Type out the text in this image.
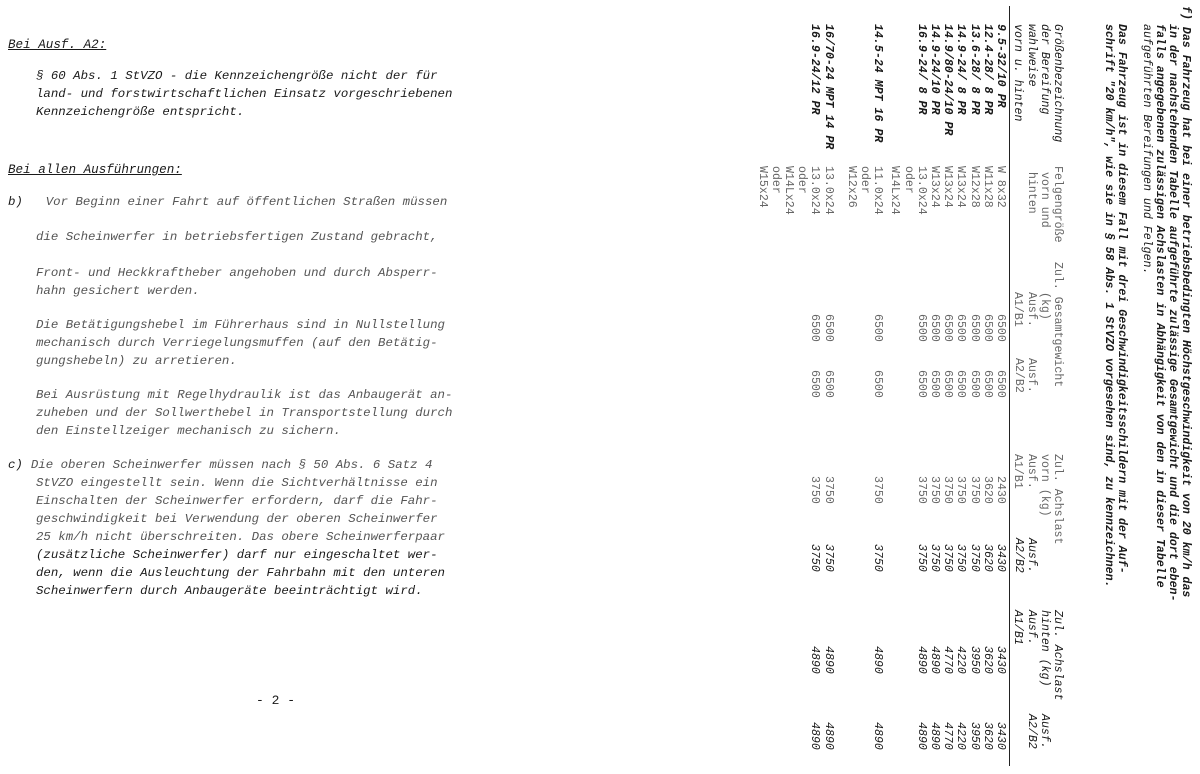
Bei Ausf. A2:

§ 60 Abs. 1 StVZO - die Kennzeichengröße nicht der für
land- und forstwirtschaftlichen Einsatz vorgeschriebenen
Kennzeichengröße entspricht.

Bei allen Ausführungen:

b) Vor Beginn einer Fahrt auf öffentlichen Straßen müssen
die Scheinwerfer in betriebsfertigen Zustand gebracht,
Front- und Heckkraftheber angehoben und durch Absperr-
hahn gesichert werden.
Die Betätigungshebel im Führerhaus sind in Nullstellung
mechanisch durch Verriegelungsmuffen (auf den Betätig-
gungshebeln) zu arretieren.
Bei Ausrüstung mit Regelhydraulik ist das Anbaugerät an-
zuheben und der Sollwerthebel in Transportstellung durch
den Einstellzeiger mechanisch zu sichern.
c) Die oberen Scheinwerfer müssen nach § 50 Abs. 6 Satz 4
StVZO eingestellt sein. Wenn die Sichtverhältnisse ein
Einschalten der Scheinwerfer erfordern, darf die Fahr-
geschwindigkeit bei Verwendung der oberen Scheinwerfer
25 km/h nicht überschreiten. Das obere Scheinwerferpaar
(zusätzliche Scheinwerfer) darf nur eingeschaltet wer-
den, wenn die Ausleuchtung der Fahrbahn mit den unteren
Scheinwerfern durch Anbaugeräte beeinträchtigt wird.
- 2 -
f) Das Fahrzeug hat bei einer betriebsbedingten Höchstgeschwindigkeit von 20 km/h das
in der nachstehenden Tabelle aufgeführte zulässige Gesamtgewicht und die dort eben-
falls angegebenen zulässigen Achslasten in Abhängigkeit von den in dieser Tabelle
aufgeführten Bereifungen und Felgen.
Das Fahrzeug ist in diesem Fall mit drei Geschwindigkeitsschildern mit der Auf-
schrift "20 km/h", wie sie in § 58 Abs. 1 StVZO vorgesehen sind, zu kennzeichnen.
Größenbezeichnung
der Bereifung
wahlweise
vorn u. hinten
Felgengröße
vorn und
hinten
Zul. Gesamtgewicht
(kg)
Ausf.
A1/B1
Ausf.
A2/B2
Zul. Achslast
vorn (kg)
Ausf.
A1/B1
Ausf.
A2/B2
Zul. Achslast
hinten (kg)
Ausf.
A1/B1
Ausf.
A2/B2
9.5-32/10 PR
W 8x32
6500
6500
2430
3430
3430
3430
12.4-28/ 8 PR
W11x28
6500
6500
3620
3620
3620
3620
13.6-28/ 8 PR
W12x28
6500
6500
3750
3750
3950
3950
14.9-24/ 8 PR
W13x24
6500
6500
3750
3750
4220
4220
14.9/80-24/10 PR
W13x24
6500
6500
3750
3750
4770
4770
14.9-24/10 PR
W13x24
6500
6500
3750
3750
4890
4890
16.9-24/ 8 PR
13.0x24
6500
6500
3750
3750
4890
4890
oder
W14Lx24
14.5-24 MPT 16 PR
11.0x24
6500
6500
3750
3750
4890
4890
oder
W12x26
16/70-24 MPT 14 PR
13.0x24
6500
6500
3750
3750
4890
4890
16.9-24/12 PR
13.0x24
6500
6500
3750
3750
4890
4890
oder
W14Lx24
oder
W15x24
